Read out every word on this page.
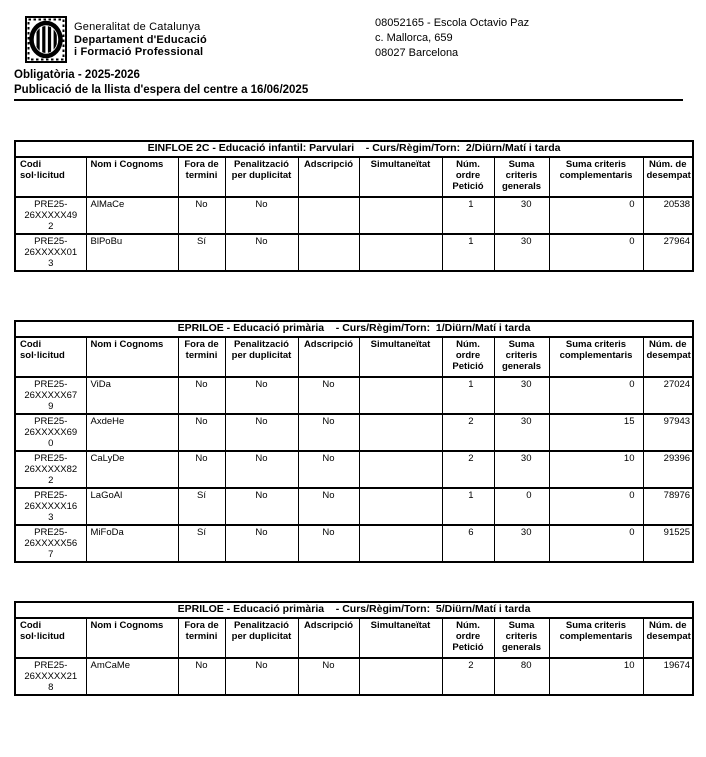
Generalitat de Catalunya
Departament d'Educació
i Formació Professional
08052165 - Escola Octavio Paz
c. Mallorca, 659
08027 Barcelona
Obligatòria - 2025-2026
Publicació de la llista d'espera del centre a 16/06/2025
EINFLOE 2C - Educació infantil: Parvulari    - Curs/Règim/Torn:  2/Diürn/Matí i tarda									
Codi sol·licitud	Nom i Cognoms	Fora de termini	Penalització per duplicitat	Adscripció	Simultaneïtat	Núm. ordre Petició	Suma criteris generals	Suma criteris complementaris	Núm. de desempat
PRE25-26XXXXX492	AlMaCe	No	No			1	30	0	20538
PRE25-26XXXXX013	BlPoBu	Sí	No			1	30	0	27964
EPRILOE - Educació primària    - Curs/Règim/Torn:  1/Diürn/Matí i tarda									
Codi sol·licitud	Nom i Cognoms	Fora de termini	Penalització per duplicitat	Adscripció	Simultaneïtat	Núm. ordre Petició	Suma criteris generals	Suma criteris complementaris	Núm. de desempat
PRE25-26XXXXX679	ViDa	No	No	No		1	30	0	27024
PRE25-26XXXXX690	AxdeHe	No	No	No		2	30	15	97943
PRE25-26XXXXX822	CaLyDe	No	No	No		2	30	10	29396
PRE25-26XXXXX163	LaGoAl	Sí	No	No		1	0	0	78976
PRE25-26XXXXX567	MiFoDa	Sí	No	No		6	30	0	91525
EPRILOE - Educació primària    - Curs/Règim/Torn:  5/Diürn/Matí i tarda									
Codi sol·licitud	Nom i Cognoms	Fora de termini	Penalització per duplicitat	Adscripció	Simultaneïtat	Núm. ordre Petició	Suma criteris generals	Suma criteris complementaris	Núm. de desempat
PRE25-26XXXXX218	AmCaMe	No	No	No		2	80	10	19674
